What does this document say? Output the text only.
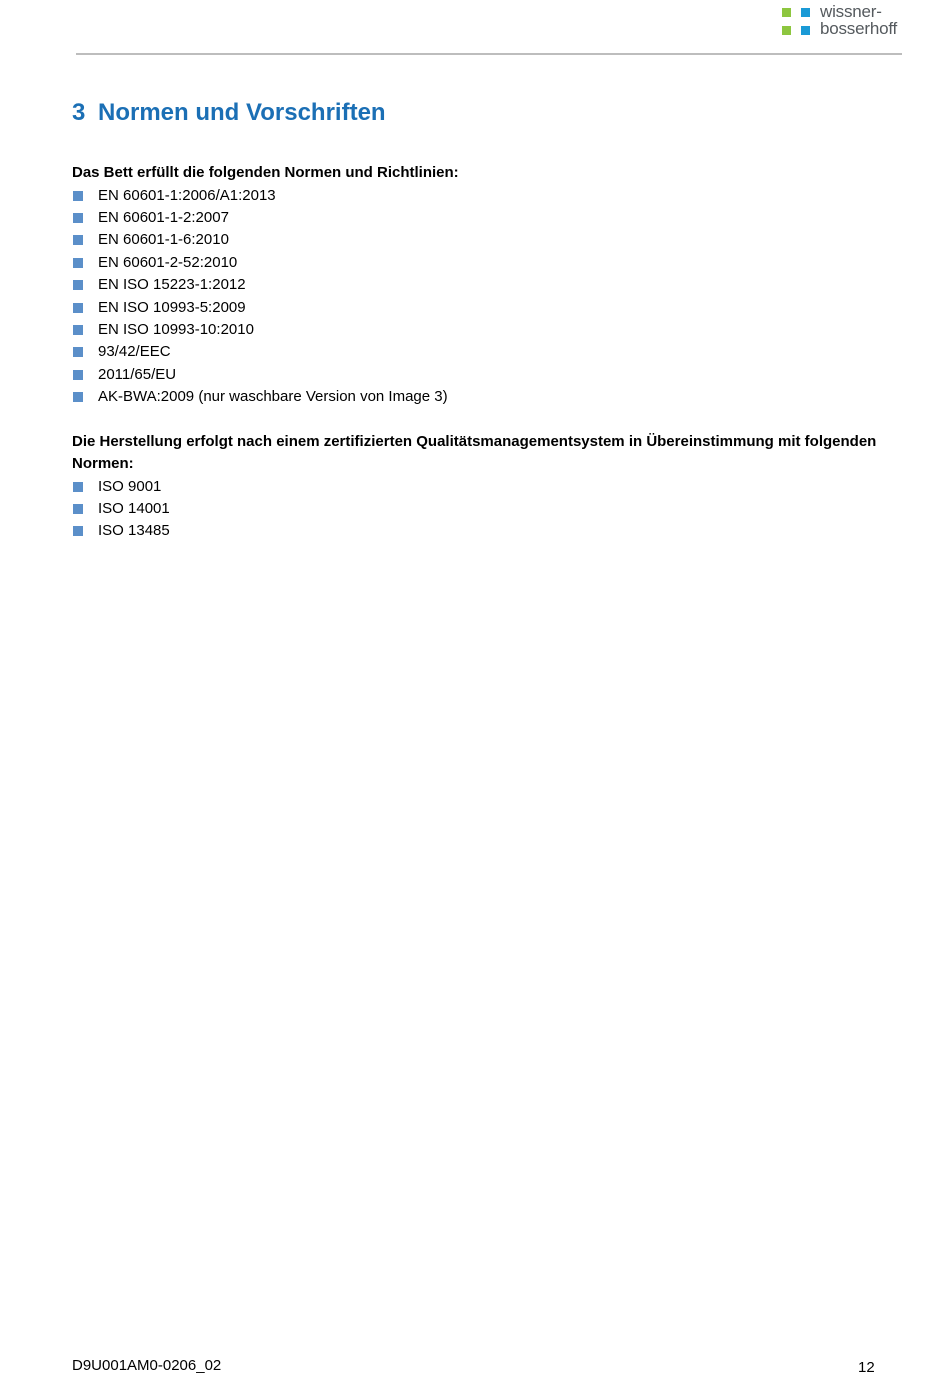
wissner-
bosserhoff
3 Normen und Vorschriften

Das Bett erfüllt die folgenden Normen und Richtlinien:

EN 60601-1:2006/A1:2013
EN 60601-1-2:2007
EN 60601-1-6:2010
EN 60601-2-52:2010
EN ISO 15223-1:2012
EN ISO 10993-5:2009
EN ISO 10993-10:2010
93/42/EEC
2011/65/EU
AK-BWA:2009 (nur waschbare Version von Image 3)

Die Herstellung erfolgt nach einem zertifizierten Qualitätsmanagementsystem in Übereinstimmung mit folgenden Normen:

ISO 9001
ISO 14001
ISO 13485
D9U001AM0-0206_02	12
